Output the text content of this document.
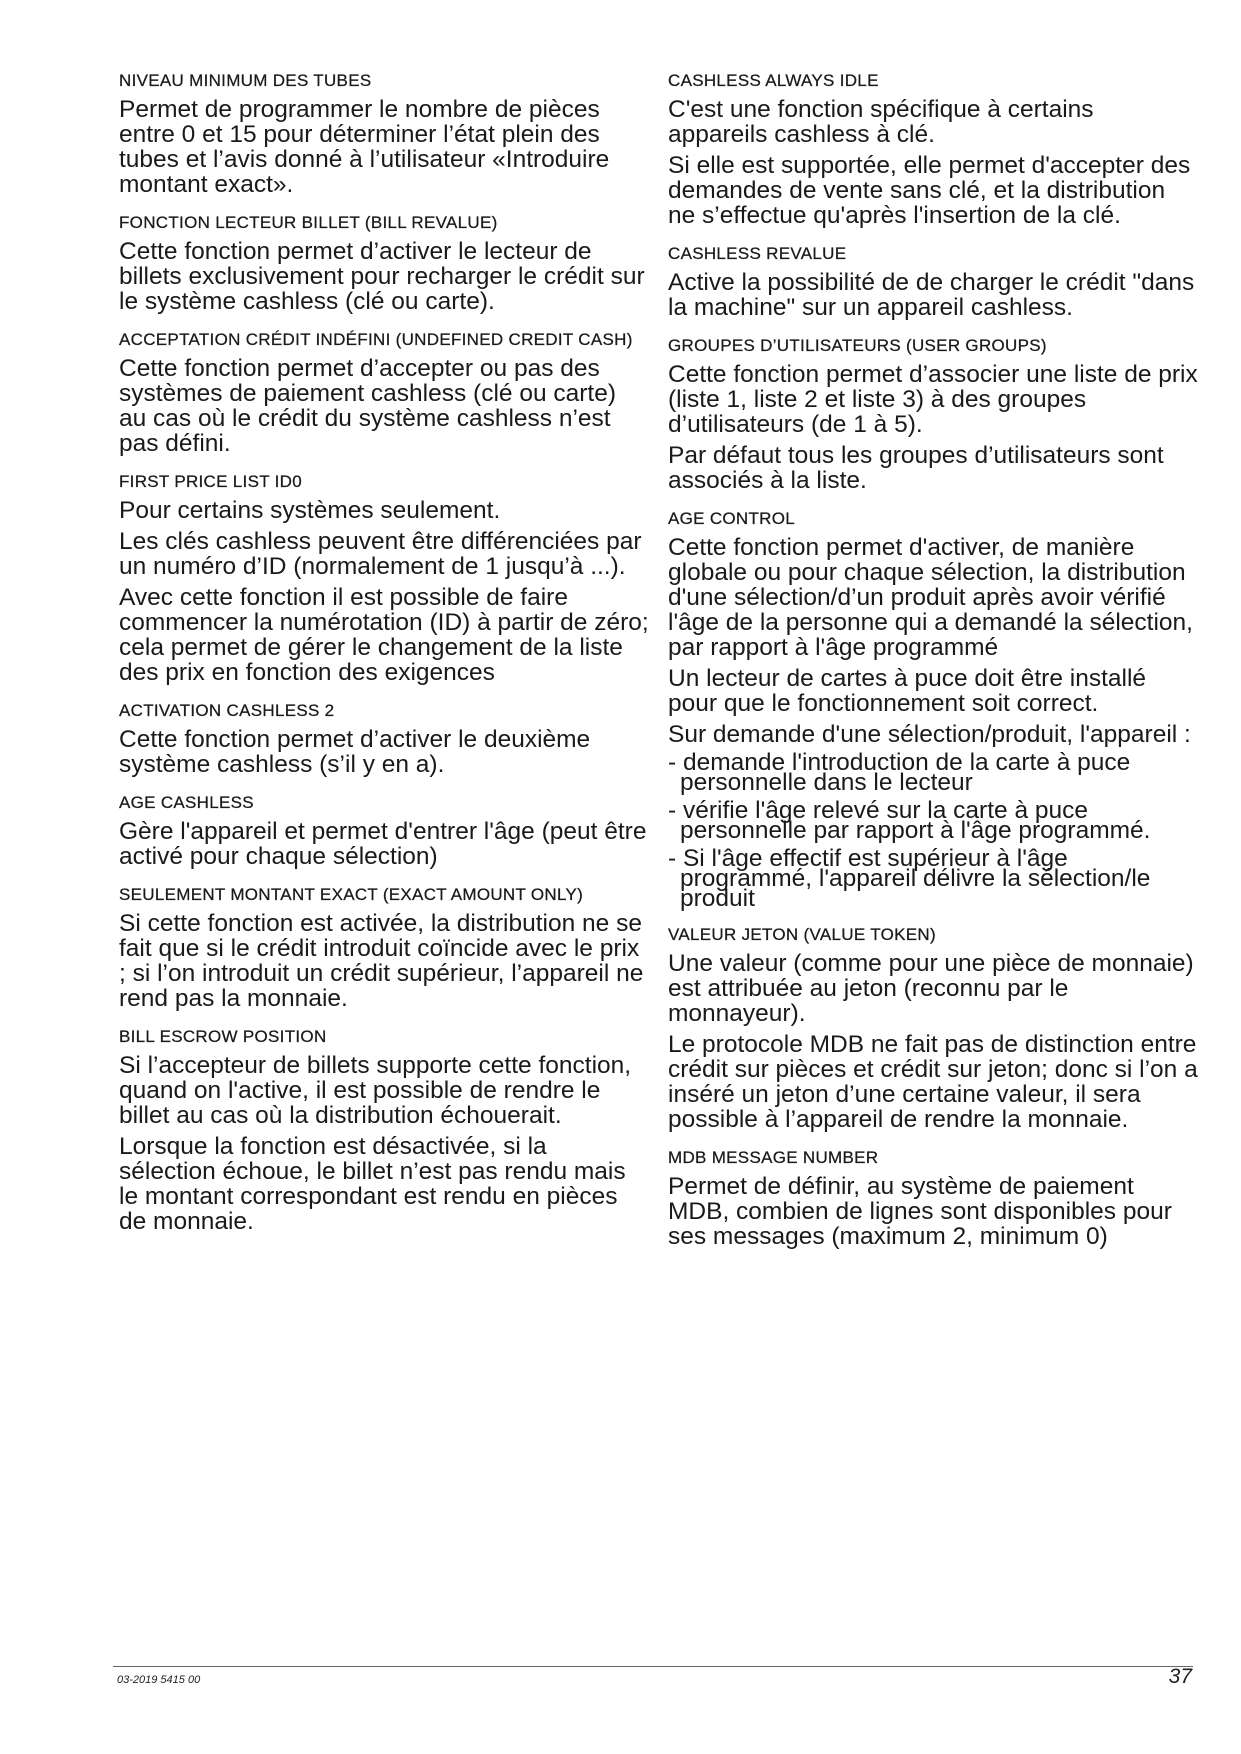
NIVEAU MINIMUM DES TUBES
Permet de programmer le nombre de pièces entre 0 et 15 pour déterminer l’état plein des tubes et l’avis donné à l’utilisateur «Introduire montant exact».
FONCTION LECTEUR BILLET (BILL REVALUE)
Cette fonction permet d’activer le lecteur de billets exclusivement pour recharger le crédit sur le système cashless (clé ou carte).
ACCEPTATION CRÉDIT INDÉFINI (UNDEFINED CREDIT CASH)
Cette fonction permet d’accepter ou pas des systèmes de paiement cashless (clé ou carte) au cas où le crédit du système cashless n’est pas défini.
FIRST PRICE LIST ID0
Pour certains systèmes seulement.
Les clés cashless peuvent être différenciées par un numéro d’ID (normalement de 1 jusqu’à ...).
Avec cette fonction il est possible de faire commencer la numérotation (ID) à partir de zéro; cela permet de gérer le changement de la liste des prix en fonction des exigences
ACTIVATION CASHLESS 2
Cette fonction permet d’activer le deuxième système cashless (s’il y en a).
AGE CASHLESS
Gère l'appareil et permet d'entrer l'âge (peut être activé pour chaque sélection)
SEULEMENT MONTANT EXACT (EXACT AMOUNT ONLY)
Si cette fonction est activée, la distribution ne se fait que si le crédit introduit coïncide avec le prix ; si l’on introduit un crédit supérieur, l’appareil ne rend pas la monnaie.
BILL ESCROW POSITION
Si l’accepteur de billets supporte cette fonction, quand on l'active, il est possible de rendre le billet au cas où la distribution échouerait.
Lorsque la fonction est désactivée, si la sélection échoue, le billet n’est pas rendu mais le montant correspondant est rendu en pièces de monnaie.
CASHLESS ALWAYS IDLE
C'est une fonction spécifique à certains appareils cashless à clé.
Si elle est supportée, elle permet d'accepter des demandes de vente sans clé, et la distribution ne s’effectue qu'après l'insertion de la clé.
CASHLESS REVALUE
Active la possibilité de de charger le crédit "dans la machine" sur un appareil cashless.
GROUPES D’UTILISATEURS (USER GROUPS)
Cette fonction permet d’associer une liste de prix (liste 1, liste 2 et liste 3) à des groupes d’utilisateurs (de 1 à 5).
Par défaut tous les groupes d’utilisateurs sont associés à la liste.
AGE CONTROL
Cette fonction permet d'activer, de manière globale ou pour chaque sélection, la distribution d'une sélection/d’un produit après avoir vérifié l'âge de la personne qui a demandé la sélection, par rapport à l'âge programmé
Un lecteur de cartes à puce doit être installé pour que le fonctionnement soit correct.
Sur demande d'une sélection/produit, l'appareil :
- demande l'introduction de la carte à puce personnelle dans le lecteur
- vérifie l'âge relevé sur la carte à puce personnelle par rapport à l'âge programmé.
- Si l'âge effectif est supérieur à l'âge programmé, l'appareil délivre la sélection/le produit
VALEUR JETON (VALUE TOKEN)
Une valeur (comme pour une pièce de monnaie) est attribuée au jeton (reconnu par le monnayeur).
Le protocole MDB ne fait pas de distinction entre crédit sur pièces et crédit sur jeton; donc si l’on a inséré un jeton d’une certaine valeur, il sera possible à l’appareil de rendre la monnaie.
MDB MESSAGE NUMBER
Permet de définir, au système de paiement MDB, combien de lignes sont disponibles pour ses messages (maximum 2, minimum 0)
03-2019 5415 00	37
